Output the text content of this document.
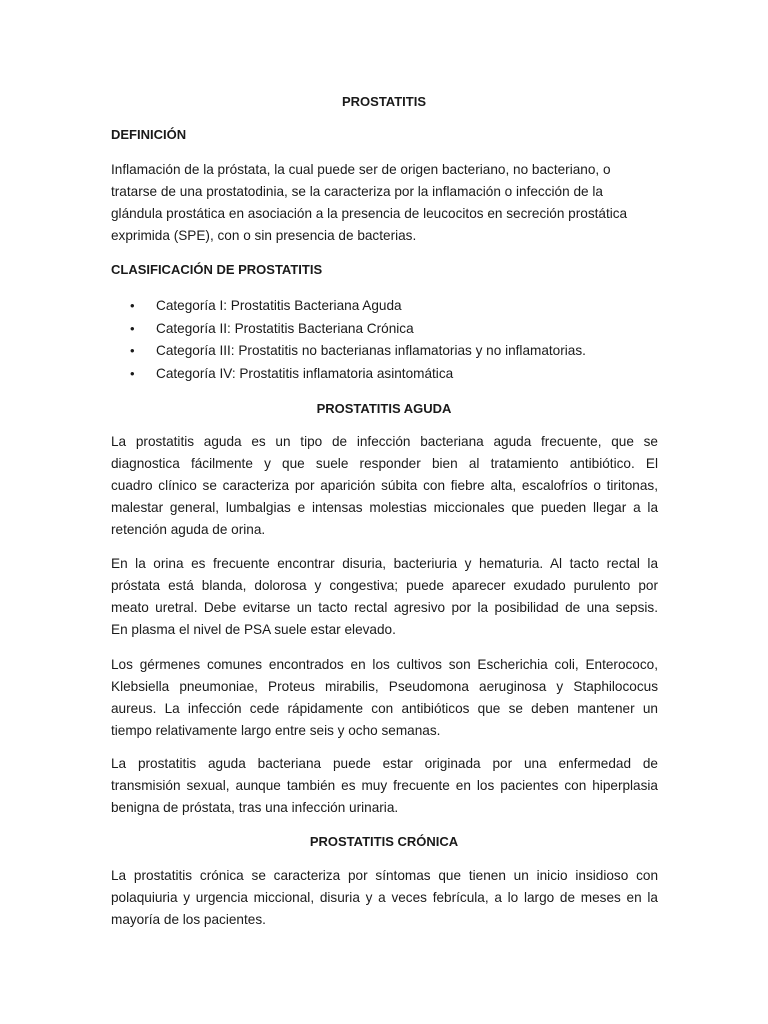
PROSTATITIS
DEFINICIÓN

Inflamación de la próstata, la cual puede ser de origen bacteriano, no bacteriano, o
tratarse de una prostatodinia, se la caracteriza por la inflamación o infección de la
glándula prostática en asociación a la presencia de leucocitos en secreción prostática
exprimida (SPE), con o sin presencia de bacterias.

CLASIFICACIÓN DE PROSTATITIS
• Categoría I: Prostatitis Bacteriana Aguda
• Categoría II: Prostatitis Bacteriana Crónica
• Categoría III: Prostatitis no bacterianas inflamatorias y no inflamatorias.
• Categoría IV: Prostatitis inflamatoria asintomática
PROSTATITIS AGUDA

La prostatitis aguda es un tipo de infección bacteriana aguda frecuente, que se
diagnostica fácilmente y que suele responder bien al tratamiento antibiótico. El
cuadro clínico se caracteriza por aparición súbita con fiebre alta, escalofríos o tiritonas,
malestar general, lumbalgias e intensas molestias miccionales que pueden llegar a la
retención aguda de orina.

En la orina es frecuente encontrar disuria, bacteriuria y hematuria. Al tacto rectal la
próstata está blanda, dolorosa y congestiva; puede aparecer exudado purulento por
meato uretral. Debe evitarse un tacto rectal agresivo por la posibilidad de una sepsis.
En plasma el nivel de PSA suele estar elevado.

Los gérmenes comunes encontrados en los cultivos son Escherichia coli, Enterococo,
Klebsiella pneumoniae, Proteus mirabilis, Pseudomona aeruginosa y Staphilococus
aureus. La infección cede rápidamente con antibióticos que se deben mantener un
tiempo relativamente largo entre seis y ocho semanas.

La prostatitis aguda bacteriana puede estar originada por una enfermedad de
transmisión sexual, aunque también es muy frecuente en los pacientes con hiperplasia
benigna de próstata, tras una infección urinaria.

PROSTATITIS CRÓNICA

La prostatitis crónica se caracteriza por síntomas que tienen un inicio insidioso con
polaquiuria y urgencia miccional, disuria y a veces febrícula, a lo largo de meses en la
mayoría de los pacientes.
